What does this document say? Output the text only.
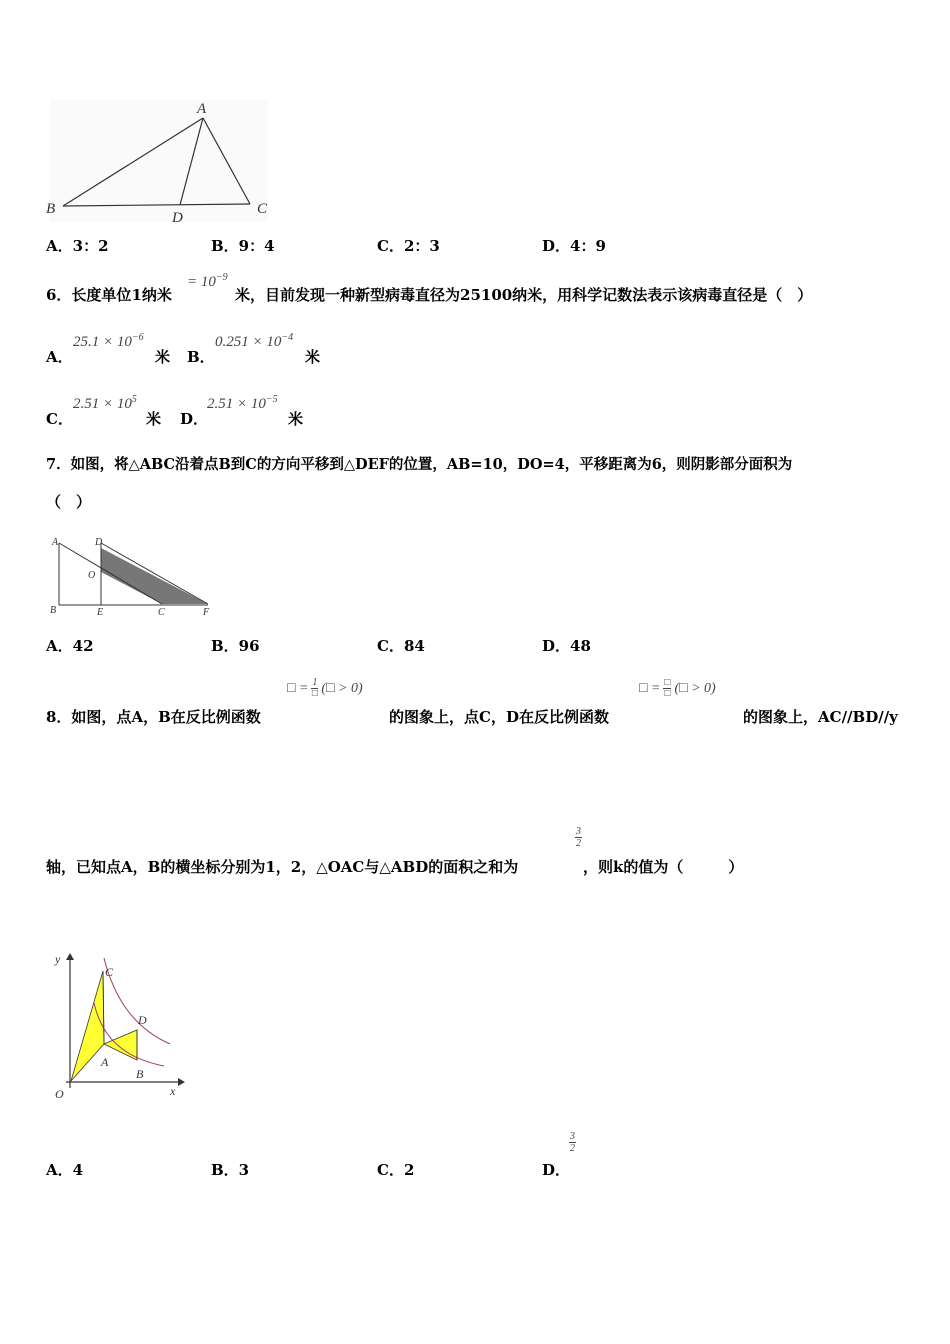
A
B	C
D
A．3：2	B．9：4	C．2：3	D．4：9
6．长度单位1纳米
= $10^{-9}$
米，目前发现一种新型病毒直径为25100纳米，用科学记数法表示该病毒直径是（　）
A．
$25.1 \times 10^{-6}$
米 B．
$0.251 \times 10^{-4}$
米
C．
$2.51 \times 10^5$
米 D．
$2.51 \times 10^{-5}$
米
7．如图，将△ABC沿着点B到C的方向平移到△DEF的位置，AB=10，DO=4，平移距离为6，则阴影部分面积为
（　）
A	D
O
B	E	C	F
A．42	B．96	C．84	D．48
□ = 1
□ (□ > 0)	□ = □
□ (□ > 0)
8．如图，点A，B在反比例函数	的图象上，点C，D在反比例函数	的图象上，AC//BD//y
轴，已知点A，B的横坐标分别为1，2，△OAC与△ABD的面积之和为
$\frac{3}{2}$
，则k的值为（　　　）
y
x
O
C
D
A
B
A．4	B．3	C．2	D．
$\frac{3}{2}$
